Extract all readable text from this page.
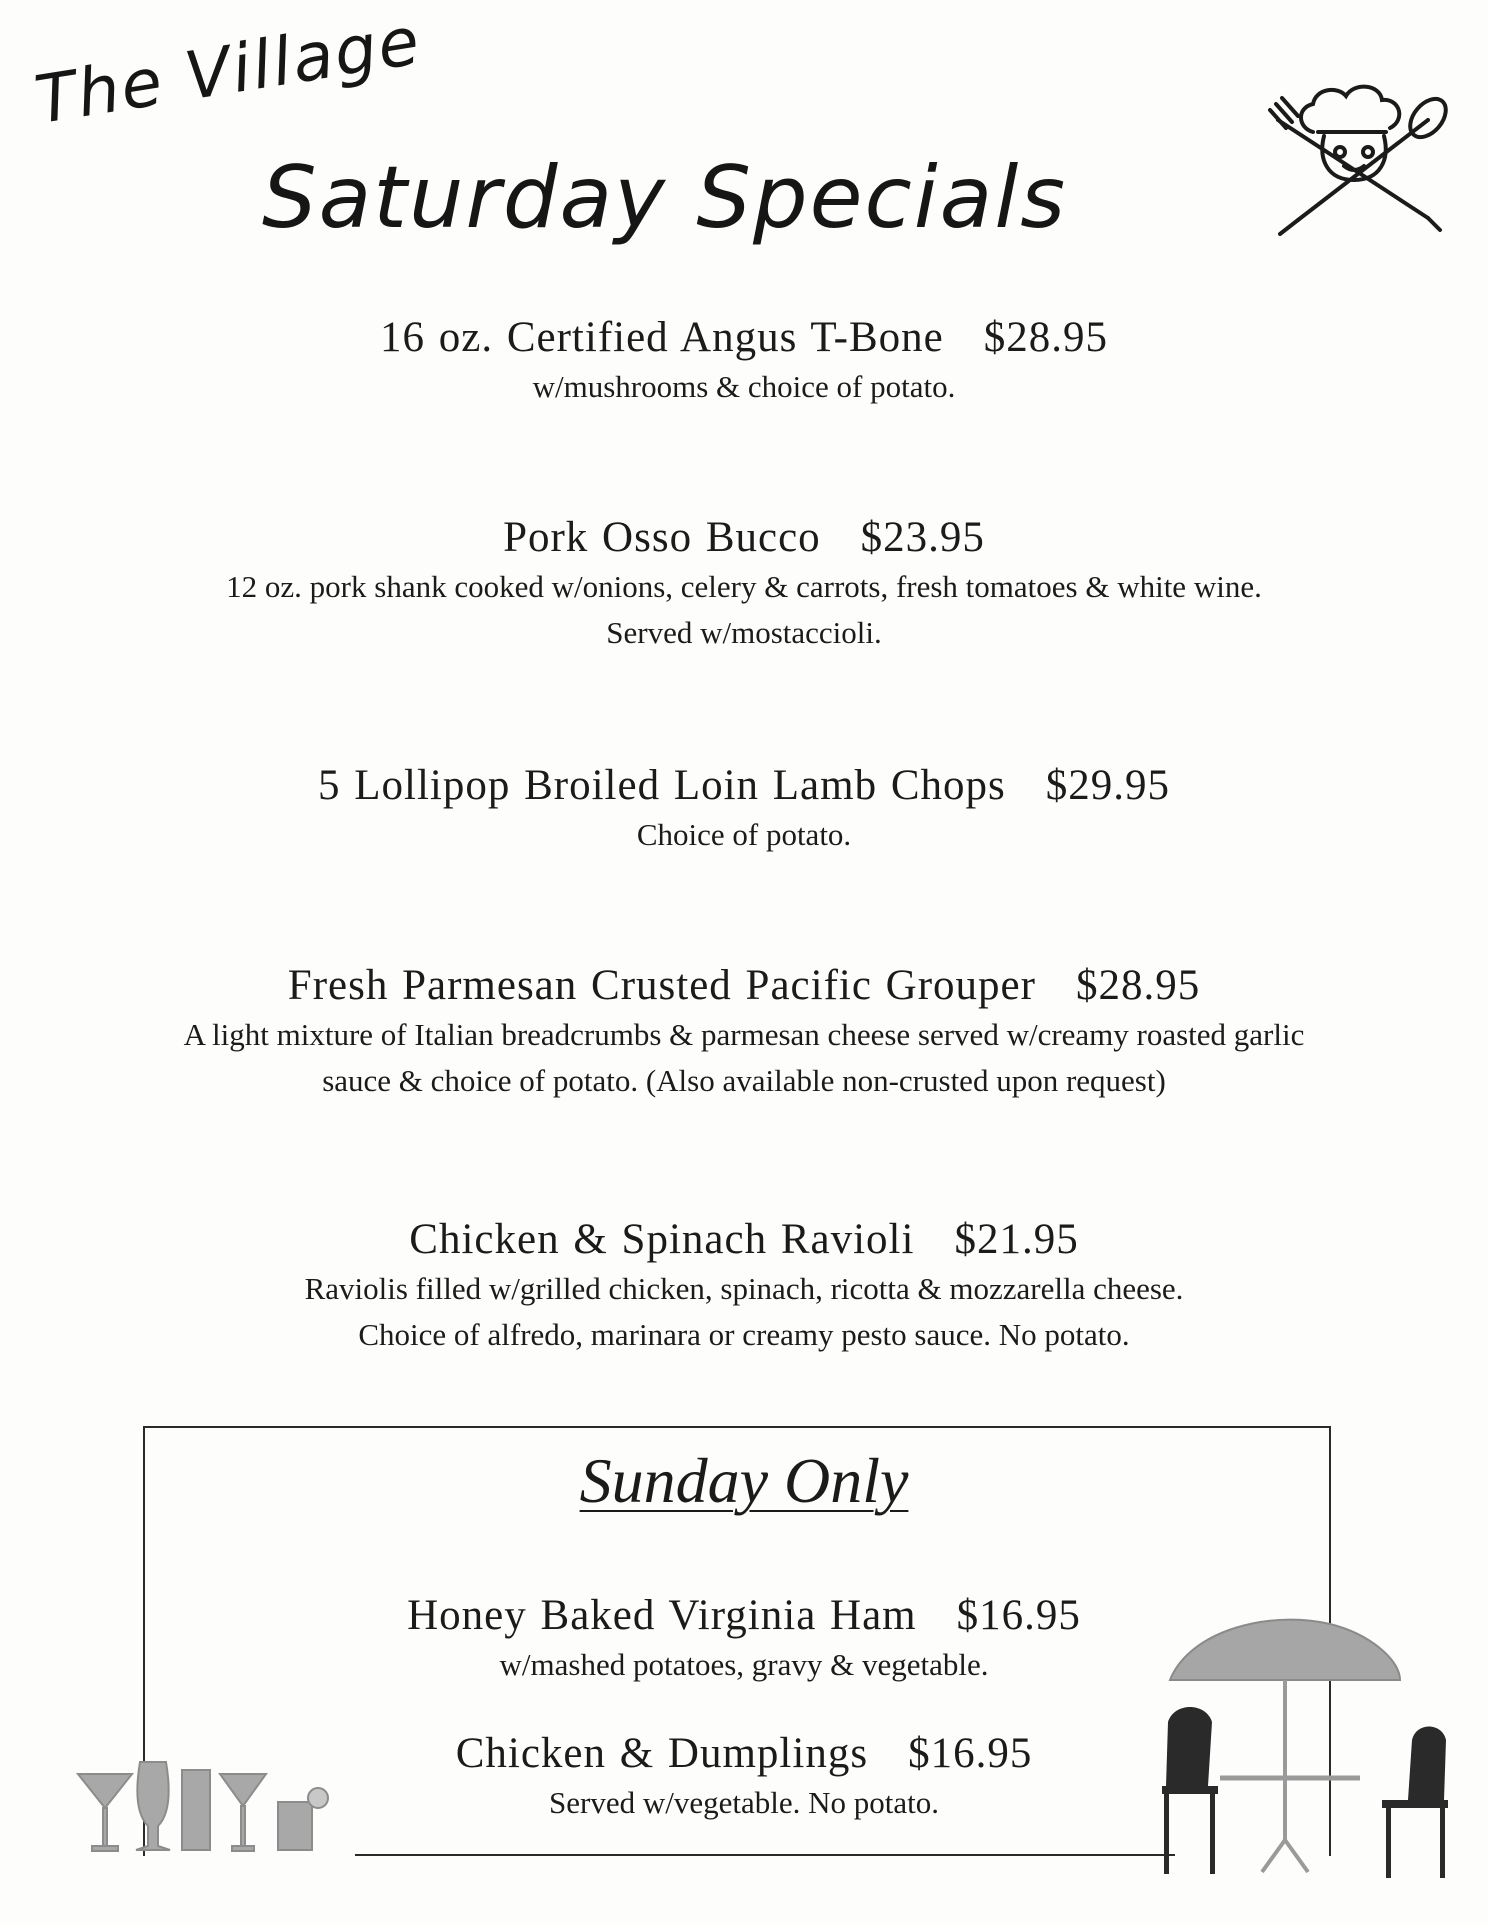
The Village
Saturday Specials
16 oz. Certified Angus T-Bone $28.95
w/mushrooms & choice of potato.
Pork Osso Bucco $23.95
12 oz. pork shank cooked w/onions, celery & carrots, fresh tomatoes & white wine.
Served w/mostaccioli.
5 Lollipop Broiled Loin Lamb Chops $29.95
Choice of potato.
Fresh Parmesan Crusted Pacific Grouper $28.95
A light mixture of Italian breadcrumbs & parmesan cheese served w/creamy roasted garlic
sauce & choice of potato. (Also available non-crusted upon request)
Chicken & Spinach Ravioli $21.95
Raviolis filled w/grilled chicken, spinach, ricotta & mozzarella cheese.
Choice of alfredo, marinara or creamy pesto sauce. No potato.
Sunday Only
Honey Baked Virginia Ham $16.95
w/mashed potatoes, gravy & vegetable.
Chicken & Dumplings $16.95
Served w/vegetable. No potato.
